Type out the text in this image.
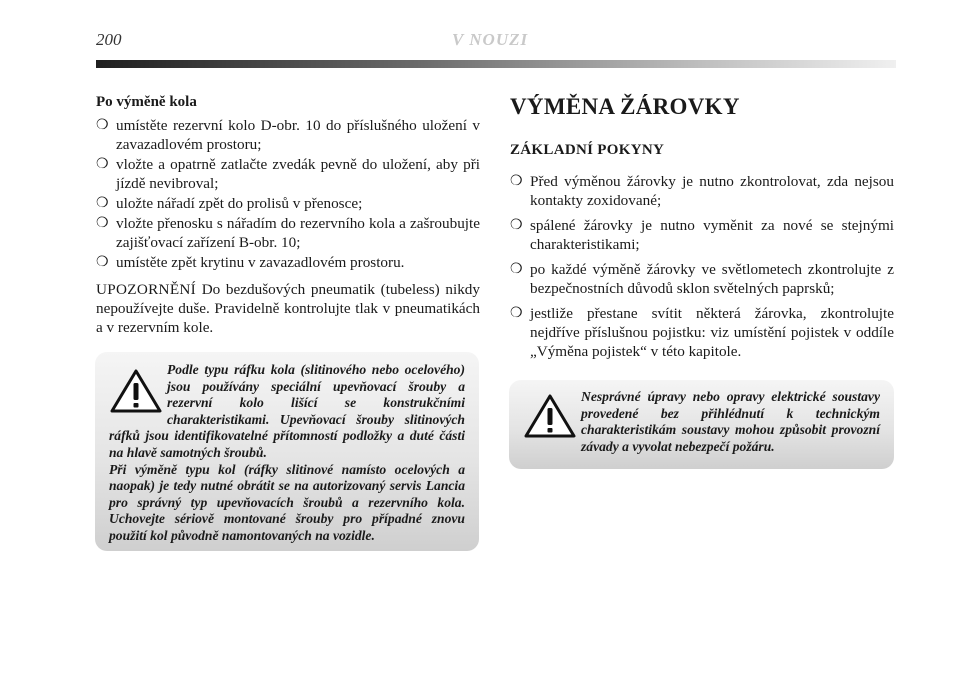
200	V NOUZI

Po výměně kola

❍ umístěte rezervní kolo D-obr. 10 do příslušného uložení v zavazadlovém prostoru;
❍ vložte a opatrně zatlačte zvedák pevně do uložení, aby při jízdě nevibroval;
❍ uložte nářadí zpět do prolisů v přenosce;
❍ vložte přenosku s nářadím do rezervního kola a zašroubujte zajišťovací zařízení B-obr. 10;
❍ umístěte zpět krytinu v zavazadlovém prostoru.

UPOZORNĚNÍ Do bezdušových pneumatik (tubeless) nikdy nepoužívejte duše. Pravidelně kontrolujte tlak v pneumatikách a v rezervním kole.

Podle typu ráfku kola (slitinového nebo ocelového) jsou používány speciální upevňovací šrouby a rezervní kolo lišící se konstrukčními charakteristikami. Upevňovací šrouby slitinových ráfků jsou identifikovatelné přítomností podložky a duté části na hlavě samotných šroubů.

Při výměně typu kol (ráfky slitinové namísto ocelových a naopak) je tedy nutné obrátit se na autorizovaný servis Lancia pro správný typ upevňovacích šroubů a rezervního kola. Uchovejte sériově montované šrouby pro případné znovu použití kol původně namontovaných na vozidle.

VÝMĚNA ŽÁROVKY
ZÁKLADNÍ POKYNY
❍ Před výměnou žárovky je nutno zkontrolovat, zda nejsou kontakty zoxidované;
❍ spálené žárovky je nutno vyměnit za nové se stejnými charakteristikami;
❍ po každé výměně žárovky ve světlometech zkontrolujte z bezpečnostních důvodů sklon světelných paprsků;
❍ jestliže přestane svítit některá žárovka, zkontrolujte nejdříve příslušnou pojistku: viz umístění pojistek v oddíle „Výměna pojistek“ v této kapitole.

Nesprávné úpravy nebo opravy elektrické soustavy provedené bez přihlédnutí k technickým charakteristikám soustavy mohou způsobit provozní závady a vyvolat nebezpečí požáru.
